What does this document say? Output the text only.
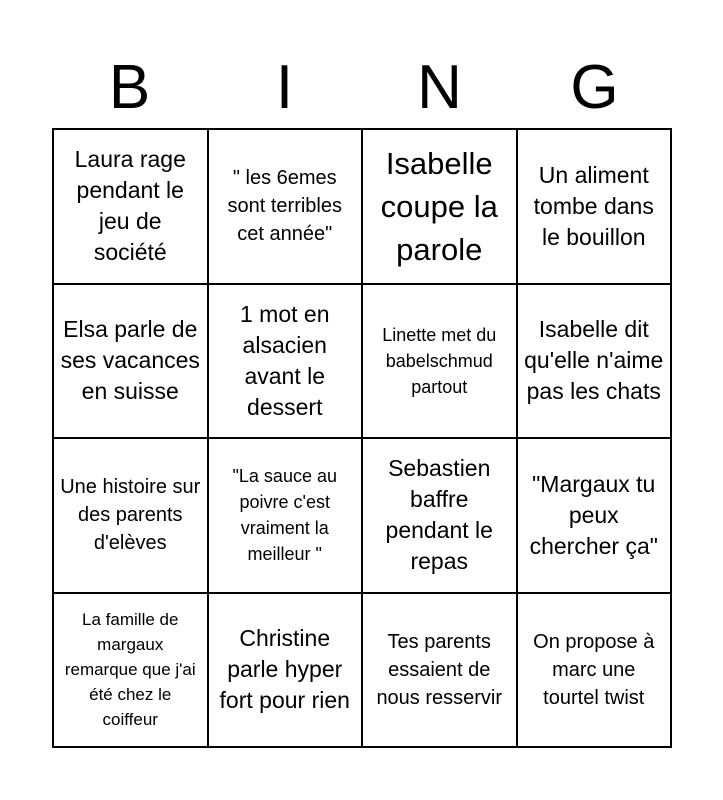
B	I	N	G
Laura rage pendant le jeu de société
" les 6emes sont terribles cet année"
Isabelle coupe la parole
Un aliment tombe dans le bouillon
Elsa parle de ses vacances en suisse
1 mot en alsacien avant le dessert
Linette met du babelschmud partout
Isabelle dit qu'elle n'aime pas les chats
Une histoire sur des parents d'elèves
"La sauce au poivre c'est vraiment la meilleur "
Sebastien baffre pendant le repas
"Margaux tu peux chercher ça"
La famille de margaux remarque que j'ai été chez le coiffeur
Christine parle hyper fort pour rien
Tes parents essaient de nous resservir
On propose à marc une tourtel twist
